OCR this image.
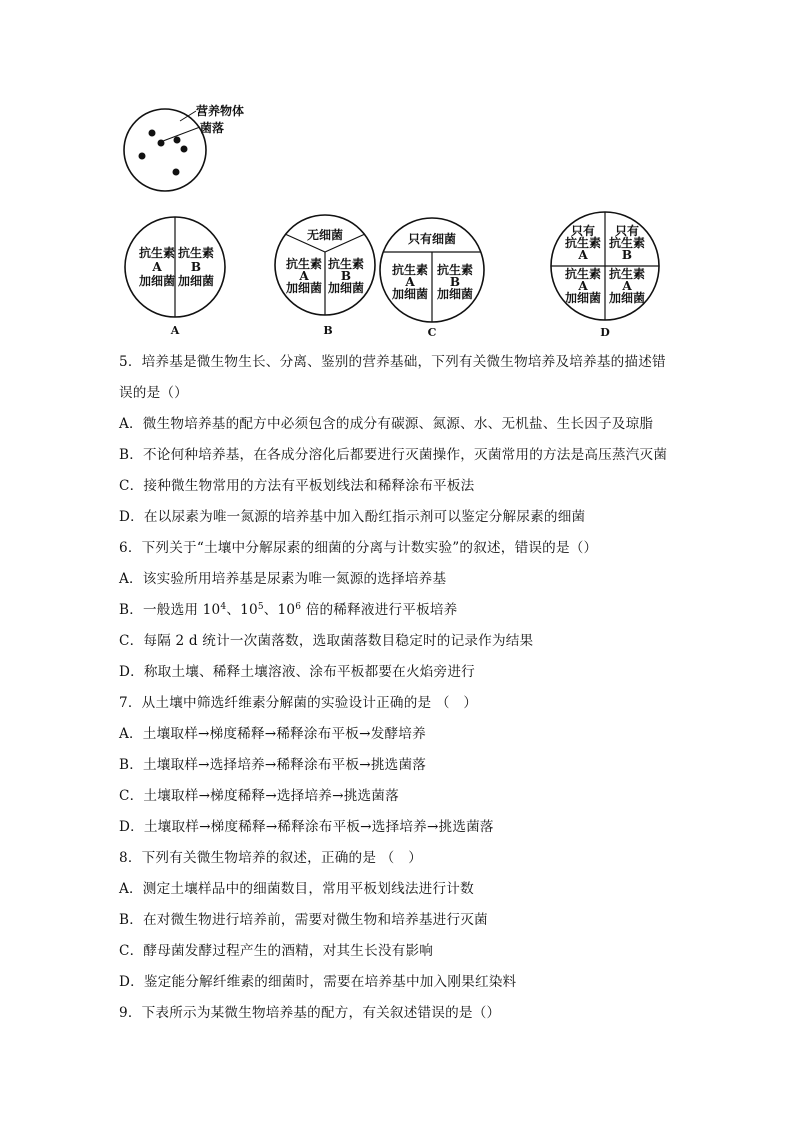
营养物体
菌落
抗生素
A
加细菌
抗生素
B
加细菌
A
无细菌
抗生素
A
加细菌
抗生素
B
加细菌
B
只有细菌
抗生素
A
加细菌
抗生素
B
加细菌
C
只有
抗生素
A
只有
抗生素
B
抗生素
A
加细菌
抗生素
A
加细菌
D
5．培养基是微生物生长、分离、鉴别的营养基础，下列有关微生物培养及培养基的描述错
误的是（）
A．微生物培养基的配方中必须包含的成分有碳源、氮源、水、无机盐、生长因子及琼脂
B．不论何种培养基，在各成分溶化后都要进行灭菌操作，灭菌常用的方法是高压蒸汽灭菌
C．接种微生物常用的方法有平板划线法和稀释涂布平板法
D．在以尿素为唯一氮源的培养基中加入酚红指示剂可以鉴定分解尿素的细菌
6．下列关于“土壤中分解尿素的细菌的分离与计数实验”的叙述，错误的是（）
A．该实验所用培养基是尿素为唯一氮源的选择培养基
B．一般选用 $10^4$、$10^5$、$10^6$ 倍的稀释液进行平板培养
C．每隔 2 d 统计一次菌落数，选取菌落数目稳定时的记录作为结果
D．称取土壤、稀释土壤溶液、涂布平板都要在火焰旁进行
7．从土壤中筛选纤维素分解菌的实验设计正确的是 （　）
A．土壤取样→梯度稀释→稀释涂布平板→发酵培养
B．土壤取样→选择培养→稀释涂布平板→挑选菌落
C．土壤取样→梯度稀释→选择培养→挑选菌落
D．土壤取样→梯度稀释→稀释涂布平板→选择培养→挑选菌落
8．下列有关微生物培养的叙述，正确的是 （　）
A．测定土壤样品中的细菌数目，常用平板划线法进行计数
B．在对微生物进行培养前，需要对微生物和培养基进行灭菌
C．酵母菌发酵过程产生的酒精，对其生长没有影响
D．鉴定能分解纤维素的细菌时，需要在培养基中加入刚果红染料
9．下表所示为某微生物培养基的配方，有关叙述错误的是（）
